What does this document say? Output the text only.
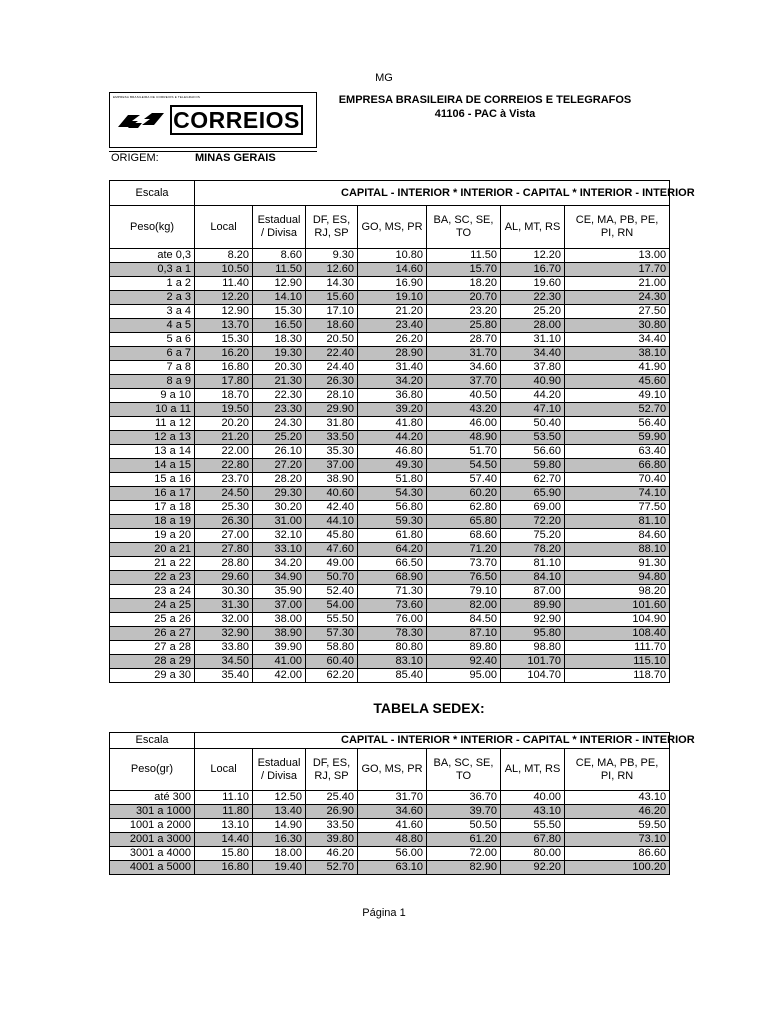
MG
EMPRESA BRASILEIRA DE CORREIOS E TELEGRAFOS
CORREIOS
EMPRESA BRASILEIRA DE CORREIOS E TELEGRAFOS
41106 - PAC à Vista
ORIGEM:	MINAS GERAIS
Escala	CAPITAL - INTERIOR * INTERIOR - CAPITAL * INTERIOR - INTERIOR						
Peso(kg)	Local	Estadual / Divisa	DF, ES, RJ, SP	GO, MS, PR	BA, SC, SE, TO	AL, MT, RS	CE, MA, PB, PE, PI, RN
ate 0,3	8.20	8.60	9.30	10.80	11.50	12.20	13.00
0,3 a 1	10.50	11.50	12.60	14.60	15.70	16.70	17.70
1 a 2	11.40	12.90	14.30	16.90	18.20	19.60	21.00
2 a 3	12.20	14.10	15.60	19.10	20.70	22.30	24.30
3 a 4	12.90	15.30	17.10	21.20	23.20	25.20	27.50
4 a 5	13.70	16.50	18.60	23.40	25.80	28.00	30.80
5 a 6	15.30	18.30	20.50	26.20	28.70	31.10	34.40
6 a 7	16.20	19.30	22.40	28.90	31.70	34.40	38.10
7 a 8	16.80	20.30	24.40	31.40	34.60	37.80	41.90
8 a 9	17.80	21.30	26.30	34.20	37.70	40.90	45.60
9 a 10	18.70	22.30	28.10	36.80	40.50	44.20	49.10
10 a 11	19.50	23.30	29.90	39.20	43.20	47.10	52.70
11 a 12	20.20	24.30	31.80	41.80	46.00	50.40	56.40
12 a 13	21.20	25.20	33.50	44.20	48.90	53.50	59.90
13 a 14	22.00	26.10	35.30	46.80	51.70	56.60	63.40
14 a 15	22.80	27.20	37.00	49.30	54.50	59.80	66.80
15 a 16	23.70	28.20	38.90	51.80	57.40	62.70	70.40
16 a 17	24.50	29.30	40.60	54.30	60.20	65.90	74.10
17 a 18	25.30	30.20	42.40	56.80	62.80	69.00	77.50
18 a 19	26.30	31.00	44.10	59.30	65.80	72.20	81.10
19 a 20	27.00	32.10	45.80	61.80	68.60	75.20	84.60
20 a 21	27.80	33.10	47.60	64.20	71.20	78.20	88.10
21 a 22	28.80	34.20	49.00	66.50	73.70	81.10	91.30
22 a 23	29.60	34.90	50.70	68.90	76.50	84.10	94.80
23 a 24	30.30	35.90	52.40	71.30	79.10	87.00	98.20
24 a 25	31.30	37.00	54.00	73.60	82.00	89.90	101.60
25 a 26	32.00	38.00	55.50	76.00	84.50	92.90	104.90
26 a 27	32.90	38.90	57.30	78.30	87.10	95.80	108.40
27 a 28	33.80	39.90	58.80	80.80	89.80	98.80	111.70
28 a 29	34.50	41.00	60.40	83.10	92.40	101.70	115.10
29 a 30	35.40	42.00	62.20	85.40	95.00	104.70	118.70
TABELA SEDEX:
Escala	CAPITAL - INTERIOR * INTERIOR - CAPITAL * INTERIOR - INTERIOR						
Peso(gr)	Local	Estadual / Divisa	DF, ES, RJ, SP	GO, MS, PR	BA, SC, SE, TO	AL, MT, RS	CE, MA, PB, PE, PI, RN
até 300	11.10	12.50	25.40	31.70	36.70	40.00	43.10
301 a 1000	11.80	13.40	26.90	34.60	39.70	43.10	46.20
1001 a 2000	13.10	14.90	33.50	41.60	50.50	55.50	59.50
2001 a 3000	14.40	16.30	39.80	48.80	61.20	67.80	73.10
3001 a 4000	15.80	18.00	46.20	56.00	72.00	80.00	86.60
4001 a 5000	16.80	19.40	52.70	63.10	82.90	92.20	100.20
Página 1
